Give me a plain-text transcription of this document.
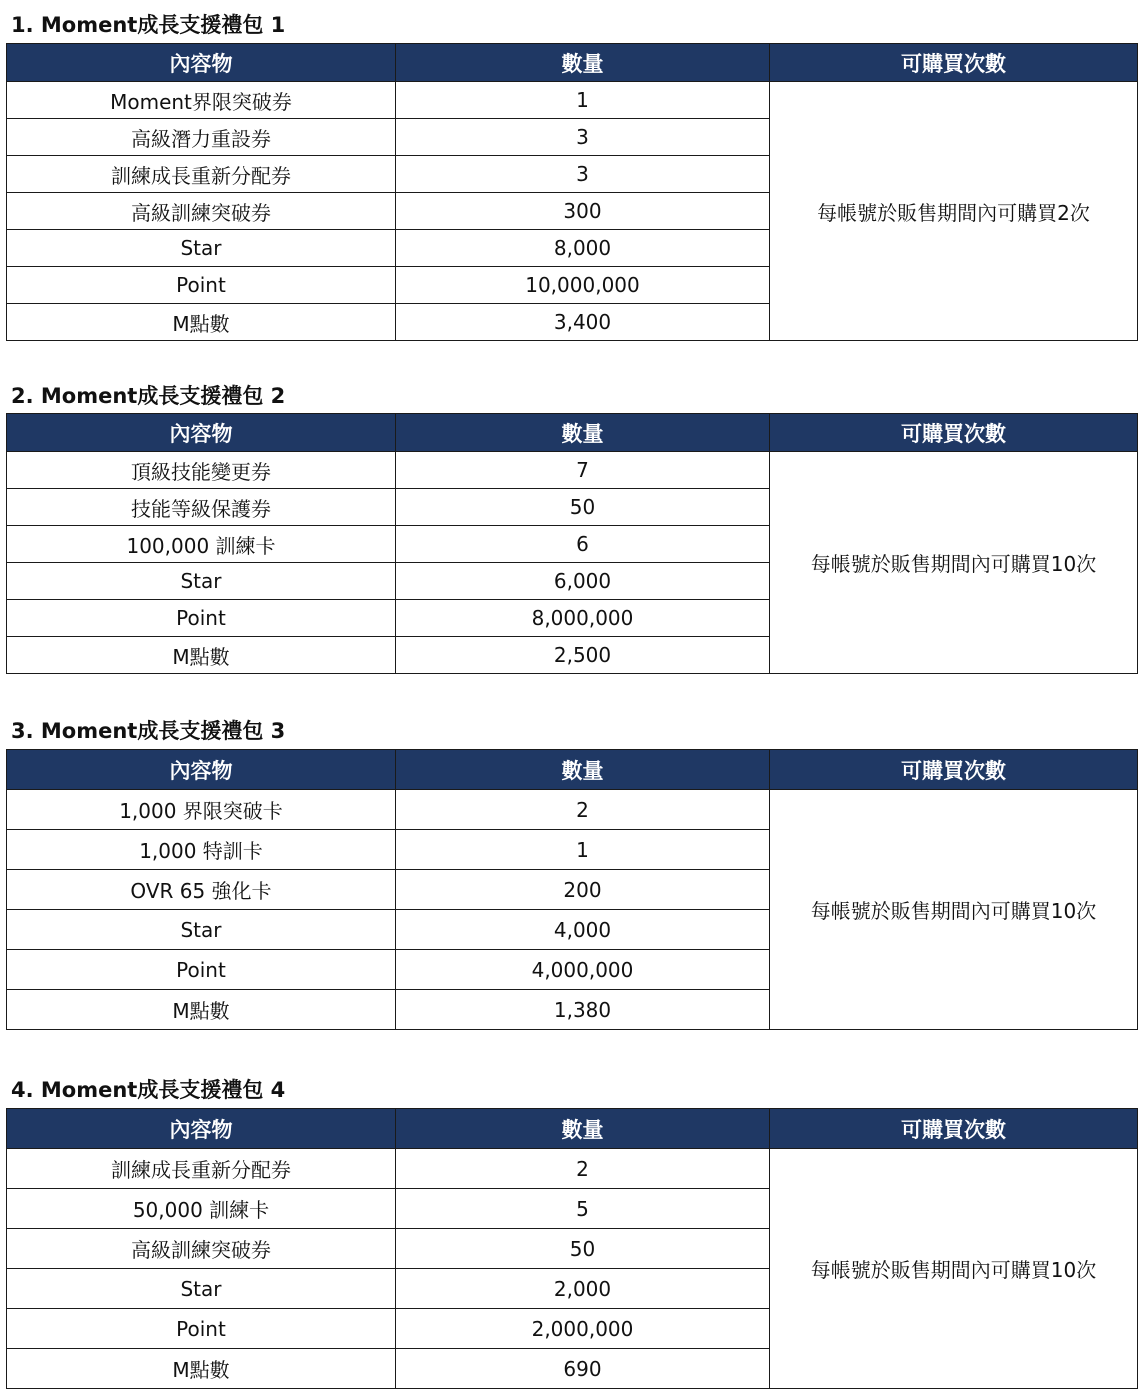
1. Moment成長支援禮包 1
內容物	數量	可購買次數
Moment界限突破券	1	每帳號於販售期間內可購買2次
高級潛力重設券	3	
訓練成長重新分配券	3	
高級訓練突破券	300	
Star	8,000	
Point	10,000,000	
M點數	3,400	
2. Moment成長支援禮包 2
內容物	數量	可購買次數
頂級技能變更券	7	每帳號於販售期間內可購買10次
技能等級保護券	50	
100,000 訓練卡	6	
Star	6,000	
Point	8,000,000	
M點數	2,500	
3. Moment成長支援禮包 3
內容物	數量	可購買次數
1,000 界限突破卡	2	每帳號於販售期間內可購買10次
1,000 特訓卡	1	
OVR 65 強化卡	200	
Star	4,000	
Point	4,000,000	
M點數	1,380	
4. Moment成長支援禮包 4
內容物	數量	可購買次數
訓練成長重新分配券	2	每帳號於販售期間內可購買10次
50,000 訓練卡	5	
高級訓練突破券	50	
Star	2,000	
Point	2,000,000	
M點數	690	
